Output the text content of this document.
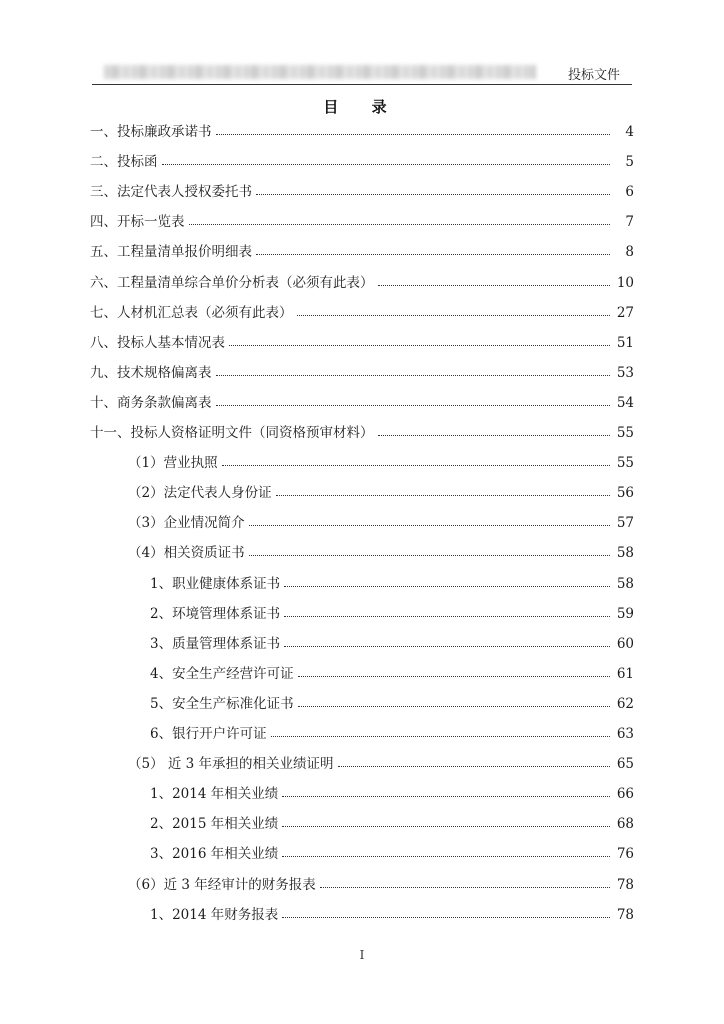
投标文件
目 录
一、投标廉政承诺书	4
二、投标函	5
三、法定代表人授权委托书	6
四、开标一览表	7
五、工程量清单报价明细表	8
六、工程量清单综合单价分析表（必须有此表）	10
七、人材机汇总表（必须有此表）	27
八、投标人基本情况表	51
九、技术规格偏离表	53
十、商务条款偏离表	54
十一、投标人资格证明文件（同资格预审材料）	55
（1）营业执照	55
（2）法定代表人身份证	56
（3）企业情况简介	57
（4）相关资质证书	58
1、职业健康体系证书	58
2、环境管理体系证书	59
3、质量管理体系证书	60
4、安全生产经营许可证	61
5、安全生产标准化证书	62
6、银行开户许可证	63
（5） 近 3 年承担的相关业绩证明	65
1、2014 年相关业绩	66
2、2015 年相关业绩	68
3、2016 年相关业绩	76
（6）近 3 年经审计的财务报表	78
1、2014 年财务报表	78
I
